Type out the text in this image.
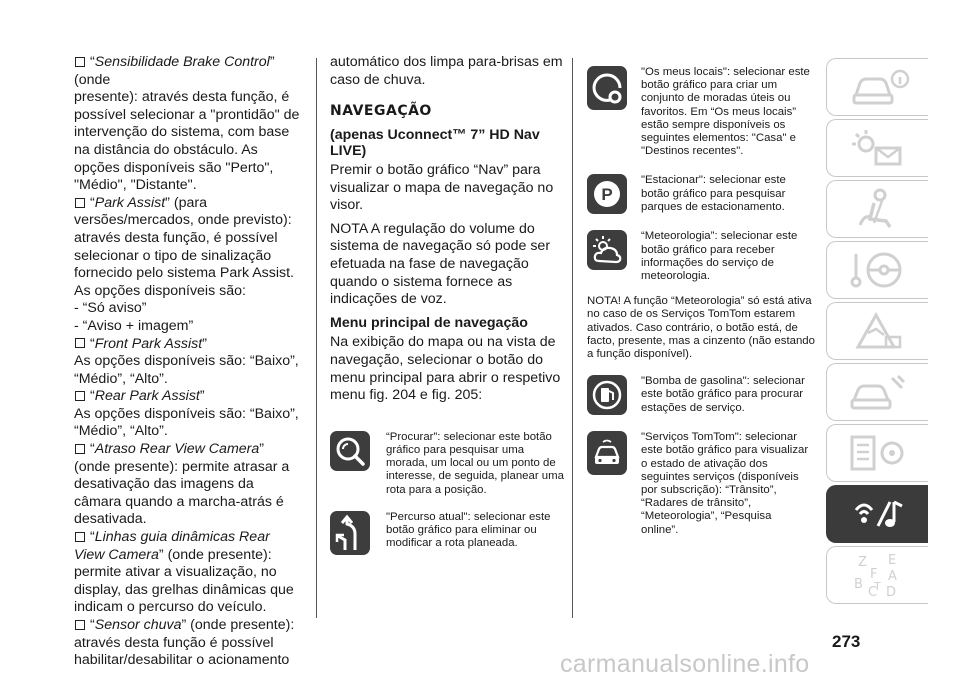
“Sensibilidade Brake Control” (onde

presente): através desta função, é possível selecionar a "prontidão" de intervenção do sistema, com base na distância do obstáculo. As opções disponíveis são "Perto", "Médio", "Distante".

“Park Assist” (para

versões/mercados, onde previsto): através desta função, é possível selecionar o tipo de sinalização fornecido pelo sistema Park Assist.

As opções disponíveis são:

- “Só aviso”

- “Aviso + imagem”

“Front Park Assist”

As opções disponíveis são: “Baixo”, “Médio”, “Alto”.

“Rear Park Assist”

As opções disponíveis são: “Baixo”, “Médio”, “Alto”.

“Atraso Rear View Camera”

(onde presente): permite atrasar a desativação das imagens da câmara quando a marcha-atrás é desativada.

“Linhas guia dinâmicas Rear View Camera” (onde presente): permite ativar a visualização, no display, das grelhas dinâmicas que indicam o percurso do veículo.

“Sensor chuva” (onde presente):

através desta função é possível habilitar/desabilitar o acionamento

automático dos limpa para-brisas em caso de chuva.

NAVEGAÇÃO
(apenas Uconnect™ 7” HD Nav LIVE)

Premir o botão gráfico “Nav” para visualizar o mapa de navegação no visor.

NOTA A regulação do volume do sistema de navegação só pode ser efetuada na fase de navegação quando o sistema fornece as indicações de voz.

Menu principal de navegação

Na exibição do mapa ou na vista de navegação, selecionar o botão do menu principal para abrir o respetivo menu fig. 204 e fig. 205:

“Procurar”: selecionar este botão gráfico para pesquisar uma morada, um local ou um ponto de interesse, de seguida, planear uma rota para a posição.
"Percurso atual": selecionar este botão gráfico para eliminar ou modificar a rota planeada.
"Os meus locais": selecionar este botão gráfico para criar um conjunto de moradas úteis ou favoritos. Em “Os meus locais” estão sempre disponíveis os seguintes elementos: "Casa" e "Destinos recentes".
P
"Estacionar": selecionar este botão gráfico para pesquisar parques de estacionamento.
“Meteorologia”: selecionar este botão gráfico para receber informações do serviço de meteorologia.

NOTA! A função “Meteorologia” só está ativa no caso de os Serviços TomTom estarem ativados. Caso contrário, o botão está, de facto, presente, mas a cinzento (não estando a função disponível).

"Bomba de gasolina": selecionar este botão gráfico para procurar estações de serviço.
"Serviços TomTom": selecionar este botão gráfico para visualizar o estado de ativação dos seguintes serviços (disponíveis por subscrição): “Trânsito”, “Radares de trânsito”, “Meteorologia”, “Pesquisa online”.
Z E
F A
B
C D
T
273
carmanualsonline.info
